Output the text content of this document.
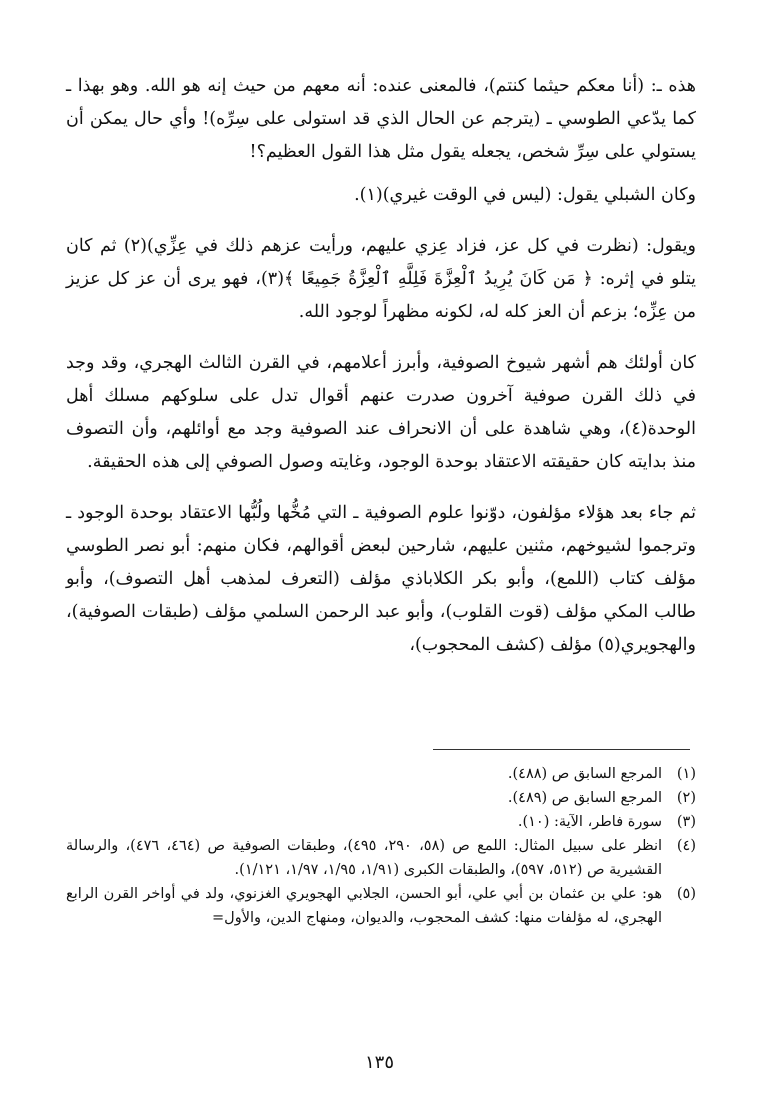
هذه ـ: (أنا معكم حيثما كنتم)، فالمعنى عنده: أنه معهم من حيث إنه هو الله. وهو بهذا ـ كما يدّعي الطوسي ـ (يترجم عن الحال الذي قد استولى على سِرِّه)! وأي حال يمكن أن يستولي على سِرِّ شخص، يجعله يقول مثل هذا القول العظيم؟!

وكان الشبلي يقول: (ليس في الوقت غيري)(١).

ويقول: (نظرت في كل عز، فزاد عِزي عليهم، ورأيت عزهم ذلك في عِزِّي)(٢) ثم كان يتلو في إثره: ﴿ مَن كَانَ يُرِيدُ ٱلْعِزَّةَ فَلِلَّهِ ٱلْعِزَّةُ جَمِيعًا ﴾(٣)، فهو يرى أن عز كل عزيز من عِزِّه؛ بزعم أن العز كله له، لكونه مظهراً لوجود الله.

كان أولئك هم أشهر شيوخ الصوفية، وأبرز أعلامهم، في القرن الثالث الهجري، وقد وجد في ذلك القرن صوفية آخرون صدرت عنهم أقوال تدل على سلوكهم مسلك أهل الوحدة(٤)، وهي شاهدة على أن الانحراف عند الصوفية وجد مع أوائلهم، وأن التصوف منذ بدايته كان حقيقته الاعتقاد بوحدة الوجود، وغايته وصول الصوفي إلى هذه الحقيقة.

ثم جاء بعد هؤلاء مؤلفون، دوّنوا علوم الصوفية ـ التي مُخُّها ولُبُّها الاعتقاد بوحدة الوجود ـ وترجموا لشيوخهم، مثنين عليهم، شارحين لبعض أقوالهم، فكان منهم: أبو نصر الطوسي مؤلف كتاب (اللمع)، وأبو بكر الكلاباذي مؤلف (التعرف لمذهب أهل التصوف)، وأبو طالب المكي مؤلف (قوت القلوب)، وأبو عبد الرحمن السلمي مؤلف (طبقات الصوفية)، والهجويري(٥) مؤلف (كشف المحجوب)،

(١)
المرجع السابق ص (٤٨٨).
(٢)
المرجع السابق ص (٤٨٩).
(٣)
سورة فاطر، الآية: (١٠).
(٤)
انظر على سبيل المثال: اللمع ص (٥٨، ٢٩٠، ٤٩٥)، وطبقات الصوفية ص (٤٦٤، ٤٧٦)، والرسالة القشيرية ص (٥١٢، ٥٩٧)، والطبقات الكبرى (١/٩١، ١/٩٥، ١/٩٧، ١/١٢١).
(٥)
هو: علي بن عثمان بن أبي علي، أبو الحسن، الجلابي الهجويري الغزنوي، ولد في أواخر القرن الرابع الهجري، له مؤلفات منها: كشف المحجوب، والديوان، ومنهاج الدين، والأول=
١٣٥
